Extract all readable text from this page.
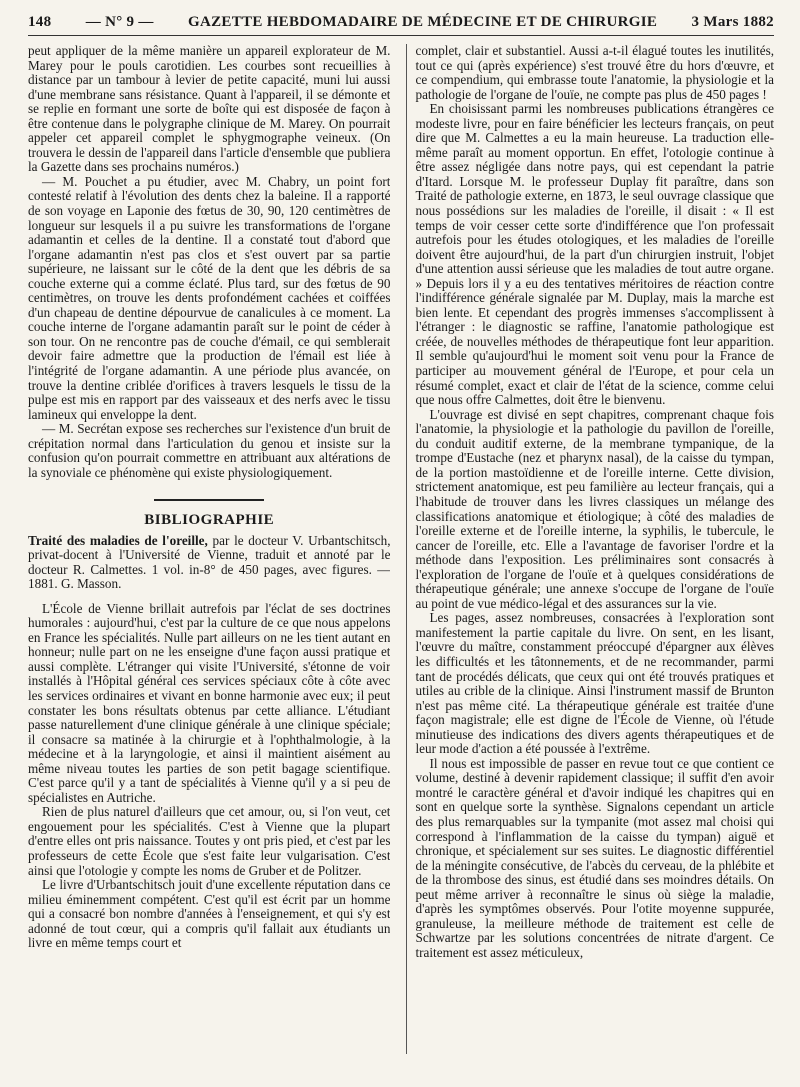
148 — N° 9 — GAZETTE HEBDOMADAIRE DE MÉDECINE ET DE CHIRURGIE 3 Mars 1882

peut appliquer de la même manière un appareil explorateur de M. Marey pour le pouls carotidien. Les courbes sont recueillies à distance par un tambour à levier de petite capacité, muni lui aussi d'une membrane sans résistance. Quant à l'appareil, il se démonte et se replie en formant une sorte de boîte qui est disposée de façon à être contenue dans le polygraphe clinique de M. Marey. On pourrait appeler cet appareil complet le sphygmographe veineux. (On trouvera le dessin de l'appareil dans l'article d'ensemble que publiera la Gazette dans ses prochains numéros.)

— M. Pouchet a pu étudier, avec M. Chabry, un point fort contesté relatif à l'évolution des dents chez la baleine. Il a rapporté de son voyage en Laponie des fœtus de 30, 90, 120 centimètres de longueur sur lesquels il a pu suivre les transformations de l'organe adamantin et celles de la dentine. Il a constaté tout d'abord que l'organe adamantin n'est pas clos et s'est ouvert par sa partie supérieure, ne laissant sur le côté de la dent que les débris de sa couche externe qui a comme éclaté. Plus tard, sur des fœtus de 90 centimètres, on trouve les dents profondément cachées et coiffées d'un chapeau de dentine dépourvue de canalicules à ce moment. La couche interne de l'organe adamantin paraît sur le point de céder à son tour. On ne rencontre pas de couche d'émail, ce qui semblerait devoir faire admettre que la production de l'émail est liée à l'intégrité de l'organe adamantin. A une période plus avancée, on trouve la dentine criblée d'orifices à travers lesquels le tissu de la pulpe est mis en rapport par des vaisseaux et des nerfs avec le tissu lamineux qui enveloppe la dent.

— M. Secrétan expose ses recherches sur l'existence d'un bruit de crépitation normal dans l'articulation du genou et insiste sur la confusion qu'on pourrait commettre en attribuant aux altérations de la synoviale ce phénomène qui existe physiologiquement.

BIBLIOGRAPHIE

Traité des maladies de l'oreille, par le docteur V. Urbantschitsch, privat-docent à l'Université de Vienne, traduit et annoté par le docteur R. Calmettes. 1 vol. in-8° de 450 pages, avec figures. — 1881. G. Masson.

L'École de Vienne brillait autrefois par l'éclat de ses doctrines humorales : aujourd'hui, c'est par la culture de ce que nous appelons en France les spécialités. Nulle part ailleurs on ne les tient autant en honneur; nulle part on ne les enseigne d'une façon aussi pratique et aussi complète. L'étranger qui visite l'Université, s'étonne de voir installés à l'Hôpital général ces services spéciaux côte à côte avec les services ordinaires et vivant en bonne harmonie avec eux; il peut constater les bons résultats obtenus par cette alliance. L'étudiant passe naturellement d'une clinique générale à une clinique spéciale; il consacre sa matinée à la chirurgie et à l'ophthalmologie, à la médecine et à la laryngologie, et ainsi il maintient aisément au même niveau toutes les parties de son petit bagage scientifique. C'est parce qu'il y a tant de spécialités à Vienne qu'il y a si peu de spécialistes en Autriche.

Rien de plus naturel d'ailleurs que cet amour, ou, si l'on veut, cet engouement pour les spécialités. C'est à Vienne que la plupart d'entre elles ont pris naissance. Toutes y ont pris pied, et c'est par les professeurs de cette École que s'est faite leur vulgarisation. C'est ainsi que l'otologie y compte les noms de Gruber et de Politzer.

Le livre d'Urbantschitsch jouit d'une excellente réputation dans ce milieu éminemment compétent. C'est qu'il est écrit par un homme qui a consacré bon nombre d'années à l'enseignement, et qui s'y est adonné de tout cœur, qui a compris qu'il fallait aux étudiants un livre en même temps court et

complet, clair et substantiel. Aussi a-t-il élagué toutes les inutilités, tout ce qui (après expérience) s'est trouvé être du hors d'œuvre, et ce compendium, qui embrasse toute l'anatomie, la physiologie et la pathologie de l'organe de l'ouïe, ne compte pas plus de 450 pages !

En choisissant parmi les nombreuses publications étrangères ce modeste livre, pour en faire bénéficier les lecteurs français, on peut dire que M. Calmettes a eu la main heureuse. La traduction elle-même paraît au moment opportun. En effet, l'otologie continue à être assez négligée dans notre pays, qui est cependant la patrie d'Itard. Lorsque M. le professeur Duplay fit paraître, dans son Traité de pathologie externe, en 1873, le seul ouvrage classique que nous possédions sur les maladies de l'oreille, il disait : « Il est temps de voir cesser cette sorte d'indifférence que l'on professait autrefois pour les études otologiques, et les maladies de l'oreille doivent être aujourd'hui, de la part d'un chirurgien instruit, l'objet d'une attention aussi sérieuse que les maladies de tout autre organe. » Depuis lors il y a eu des tentatives méritoires de réaction contre l'indifférence générale signalée par M. Duplay, mais la marche est bien lente. Et cependant des progrès immenses s'accomplissent à l'étranger : le diagnostic se raffine, l'anatomie pathologique est créée, de nouvelles méthodes de thérapeutique font leur apparition. Il semble qu'aujourd'hui le moment soit venu pour la France de participer au mouvement général de l'Europe, et pour cela un résumé complet, exact et clair de l'état de la science, comme celui que nous offre Calmettes, doit être le bienvenu.

L'ouvrage est divisé en sept chapitres, comprenant chaque fois l'anatomie, la physiologie et la pathologie du pavillon de l'oreille, du conduit auditif externe, de la membrane tympanique, de la trompe d'Eustache (nez et pharynx nasal), de la caisse du tympan, de la portion mastoïdienne et de l'oreille interne. Cette division, strictement anatomique, est peu familière au lecteur français, qui a l'habitude de trouver dans les livres classiques un mélange des classifications anatomique et étiologique; à côté des maladies de l'oreille externe et de l'oreille interne, la syphilis, le tubercule, le cancer de l'oreille, etc. Elle a l'avantage de favoriser l'ordre et la méthode dans l'exposition. Les préliminaires sont consacrés à l'exploration de l'organe de l'ouïe et à quelques considérations de thérapeutique générale; une annexe s'occupe de l'organe de l'ouïe au point de vue médico-légal et des assurances sur la vie.

Les pages, assez nombreuses, consacrées à l'exploration sont manifestement la partie capitale du livre. On sent, en les lisant, l'œuvre du maître, constamment préoccupé d'épargner aux élèves les difficultés et les tâtonnements, et de ne recommander, parmi tant de procédés délicats, que ceux qui ont été trouvés pratiques et utiles au crible de la clinique. Ainsi l'instrument massif de Brunton n'est pas même cité. La thérapeutique générale est traitée d'une façon magistrale; elle est digne de l'École de Vienne, où l'étude minutieuse des indications des divers agents thérapeutiques et de leur mode d'action a été poussée à l'extrême.

Il nous est impossible de passer en revue tout ce que contient ce volume, destiné à devenir rapidement classique; il suffit d'en avoir montré le caractère général et d'avoir indiqué les chapitres qui en sont en quelque sorte la synthèse. Signalons cependant un article des plus remarquables sur la tympanite (mot assez mal choisi qui correspond à l'inflammation de la caisse du tympan) aiguë et chronique, et spécialement sur ses suites. Le diagnostic différentiel de la méningite consécutive, de l'abcès du cerveau, de la phlébite et de la thrombose des sinus, est étudié dans ses moindres détails. On peut même arriver à reconnaître le sinus où siège la maladie, d'après les symptômes observés. Pour l'otite moyenne suppurée, granuleuse, la meilleure méthode de traitement est celle de Schwartze par les solutions concentrées de nitrate d'argent. Ce traitement est assez méticuleux,
